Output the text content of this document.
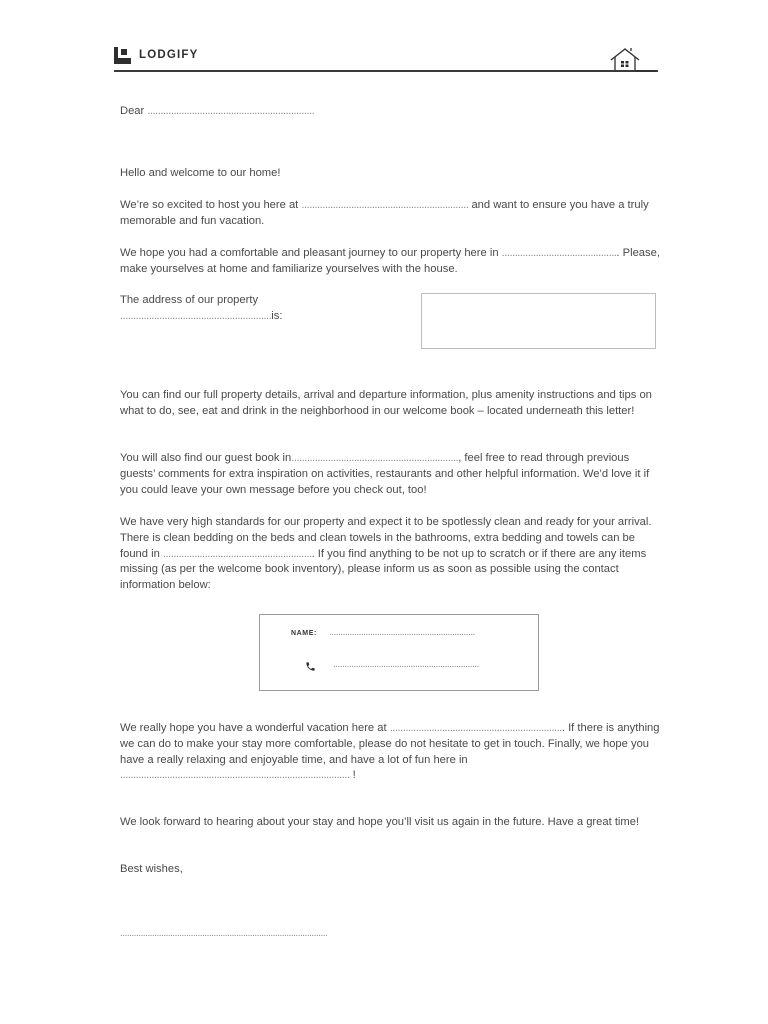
LODGIFY

Dear ................................................................

Hello and welcome to our home!

We’re so excited to host you here at ................................................................ and want to ensure you have a truly memorable and fun vacation.

We hope you had a comfortable and pleasant journey to our property here in ............................................. Please, make yourselves at home and familiarize yourselves with the house.

The address of our property ..........................................................is:

You can find our full property details, arrival and departure information, plus amenity instructions and tips on what to do, see, eat and drink in the neighborhood in our welcome book – located underneath this letter!

You will also find our guest book in................................................................, feel free to read through previous guests’ comments for extra inspiration on activities, restaurants and other helpful information. We’d love it if you could leave your own message before you check out, too!

We have very high standards for our property and expect it to be spotlessly clean and ready for your arrival. There is clean bedding on the beds and clean towels in the bathrooms, extra bedding and towels can be found in .......................................................... If you find anything to be not up to scratch or if there are any items missing (as per the welcome book inventory), please inform us as soon as possible using the contact information below:

NAME: ................................................................
................................................................

We really hope you have a wonderful vacation here at ................................................................... If there is anything we can do to make your stay more comfortable, please do not hesitate to get in touch. Finally, we hope you have a really relaxing and enjoyable time, and have a lot of fun here in ........................................................................................ !

We look forward to hearing about your stay and hope you’ll visit us again in the future. Have a great time!

Best wishes,

...........................................................................................
